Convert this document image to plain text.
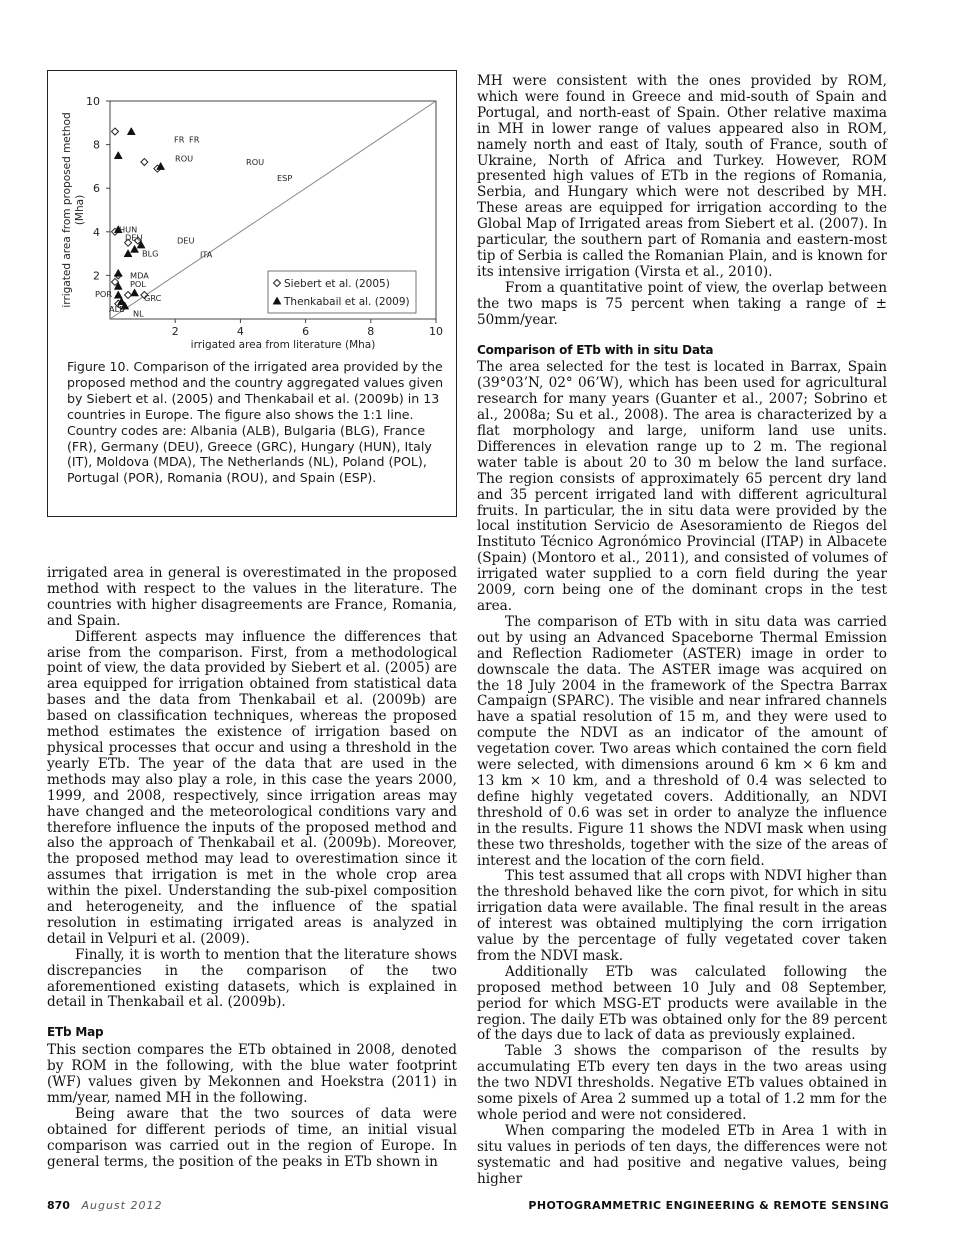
2	4	6	8	10
2
4
6
8
10
irrigated area from literature (Mha)
irrigated area from proposed method (Mha)
FR FR
ROU	ROU
ESP
HUN
DEU
BLG
DEU
ITA
MDA
POL
POR	GRC
ALB NL
Siebert et al. (2005)
Thenkabail et al. (2009)
Figure 10. Comparison of the irrigated area provided by the proposed method and the country aggregated values given by Siebert et al. (2005) and Thenkabail et al. (2009b) in 13 countries in Europe. The figure also shows the 1:1 line. Country codes are: Albania (ALB), Bulgaria (BLG), France (FR), Germany (DEU), Greece (GRC), Hungary (HUN), Italy (IT), Moldova (MDA), The Netherlands (NL), Poland (POL), Portugal (POR), Romania (ROU), and Spain (ESP).

irrigated area in general is overestimated in the proposed method with respect to the values in the literature. The countries with higher disagreements are France, Romania, and Spain.

Different aspects may influence the differences that arise from the comparison. First, from a methodological point of view, the data provided by Siebert et al. (2005) are area equipped for irrigation obtained from statistical data bases and the data from Thenkabail et al. (2009b) are based on classification techniques, whereas the proposed method estimates the existence of irrigation based on physical processes that occur and using a threshold in the yearly ETb. The year of the data that are used in the methods may also play a role, in this case the years 2000, 1999, and 2008, respectively, since irrigation areas may have changed and the meteorological conditions vary and therefore influence the inputs of the proposed method and also the approach of Thenkabail et al. (2009b). Moreover, the proposed method may lead to overestimation since it assumes that irrigation is met in the whole crop area within the pixel. Understanding the sub-pixel composition and heterogeneity, and the influence of the spatial resolution in estimating irrigated areas is analyzed in detail in Velpuri et al. (2009).

Finally, it is worth to mention that the literature shows discrepancies in the comparison of the two aforementioned existing datasets, which is explained in detail in Thenkabail et al. (2009b).

ETb Map

This section compares the ETb obtained in 2008, denoted by ROM in the following, with the blue water footprint (WF) values given by Mekonnen and Hoekstra (2011) in mm/year, named MH in the following.

Being aware that the two sources of data were obtained for different periods of time, an initial visual comparison was carried out in the region of Europe. In general terms, the position of the peaks in ETb shown in

MH were consistent with the ones provided by ROM, which were found in Greece and mid-south of Spain and Portugal, and north-east of Spain. Other relative maxima in MH in lower range of values appeared also in ROM, namely north and east of Italy, south of France, south of Ukraine, North of Africa and Turkey. However, ROM presented high values of ETb in the regions of Romania, Serbia, and Hungary which were not described by MH. These areas are equipped for irrigation according to the Global Map of Irrigated areas from Siebert et al. (2007). In particular, the southern part of Romania and eastern-most tip of Serbia is called the Romanian Plain, and is known for its intensive irrigation (Virsta et al., 2010).

From a quantitative point of view, the overlap between the two maps is 75 percent when taking a range of ± 50mm/year.

Comparison of ETb with in situ Data

The area selected for the test is located in Barrax, Spain (39°03’N, 02° 06’W), which has been used for agricultural research for many years (Guanter et al., 2007; Sobrino et al., 2008a; Su et al., 2008). The area is characterized by a flat morphology and large, uniform land use units. Differences in elevation range up to 2 m. The regional water table is about 20 to 30 m below the land surface. The region consists of approximately 65 percent dry land and 35 percent irrigated land with different agricultural fruits. In particular, the in situ data were provided by the local institution Servicio de Asesoramiento de Riegos del Instituto Técnico Agronómico Provincial (ITAP) in Albacete (Spain) (Montoro et al., 2011), and consisted of volumes of irrigated water supplied to a corn field during the year 2009, corn being one of the dominant crops in the test area.

The comparison of ETb with in situ data was carried out by using an Advanced Spaceborne Thermal Emission and Reflection Radiometer (ASTER) image in order to downscale the data. The ASTER image was acquired on the 18 July 2004 in the framework of the Spectra Barrax Campaign (SPARC). The visible and near infrared channels have a spatial resolution of 15 m, and they were used to compute the NDVI as an indicator of the amount of vegetation cover. Two areas which contained the corn field were selected, with dimensions around 6 km × 6 km and 13 km × 10 km, and a threshold of 0.4 was selected to define highly vegetated covers. Additionally, an NDVI threshold of 0.6 was set in order to analyze the influence in the results. Figure 11 shows the NDVI mask when using these two thresholds, together with the size of the areas of interest and the location of the corn field.

This test assumed that all crops with NDVI higher than the threshold behaved like the corn pivot, for which in situ irrigation data were available. The final result in the areas of interest was obtained multiplying the corn irrigation value by the percentage of fully vegetated cover taken from the NDVI mask.

Additionally ETb was calculated following the proposed method between 10 July and 08 September, period for which MSG-ET products were available in the region. The daily ETb was obtained only for the 89 percent of the days due to lack of data as previously explained.

Table 3 shows the comparison of the results by accumulating ETb every ten days in the two areas using the two NDVI thresholds. Negative ETb values obtained in some pixels of Area 2 summed up a total of 1.2 mm for the whole period and were not considered.

When comparing the modeled ETb in Area 1 with in situ values in periods of ten days, the differences were not systematic and had positive and negative values, being higher

870 August 2012	PHOTOGRAMMETRIC ENGINEERING & REMOTE SENSING
